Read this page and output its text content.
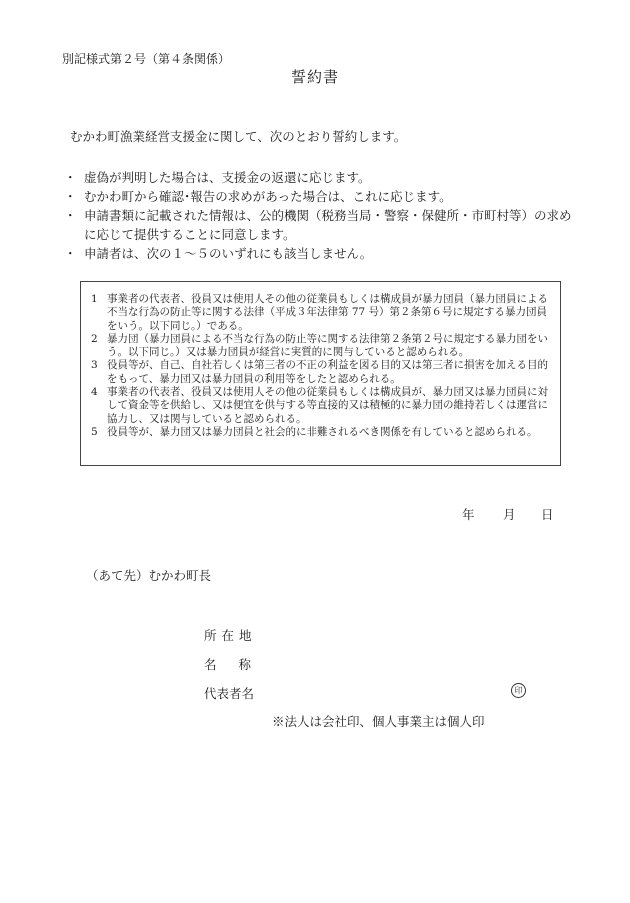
別記様式第２号（第４条関係）
誓約書
むかわ町漁業経営支援金に関して、次のとおり誓約します。
・ 虚偽が判明した場合は、支援金の返還に応じます。
・ むかわ町から確認･報告の求めがあった場合は、これに応じます。
・ 申請書類に記載された情報は、公的機関（税務当局・警察・保健所・市町村等）の求めに応じて提供することに同意します。
・ 申請者は、次の１～５のいずれにも該当しません。
1 事業者の代表者、役員又は使用人その他の従業員もしくは構成員が暴力団員（暴力団員による不当な行為の防止等に関する法律（平成３年法律第 77 号）第２条第６号に規定する暴力団員をいう。以下同じ。）である。
2 暴力団（暴力団員による不当な行為の防止等に関する法律第２条第２号に規定する暴力団をいう。以下同じ。）又は暴力団員が経営に実質的に関与していると認められる。
3 役員等が、自己、自社若しくは第三者の不正の利益を図る目的又は第三者に損害を加える目的をもって、暴力団又は暴力団員の利用等をしたと認められる。
4 事業者の代表者、役員又は使用人その他の従業員もしくは構成員が、暴力団又は暴力団員に対して資金等を供給し、又は便宜を供与する等直接的又は積極的に暴力団の維持若しくは運営に協力し、又は関与していると認められる。
5 役員等が、暴力団又は暴力団員と社会的に非難されるべき関係を有していると認められる。
年 月 日
（あて先）むかわ町長
所在地
名称
代表者名	印
※法人は会社印、個人事業主は個人印
